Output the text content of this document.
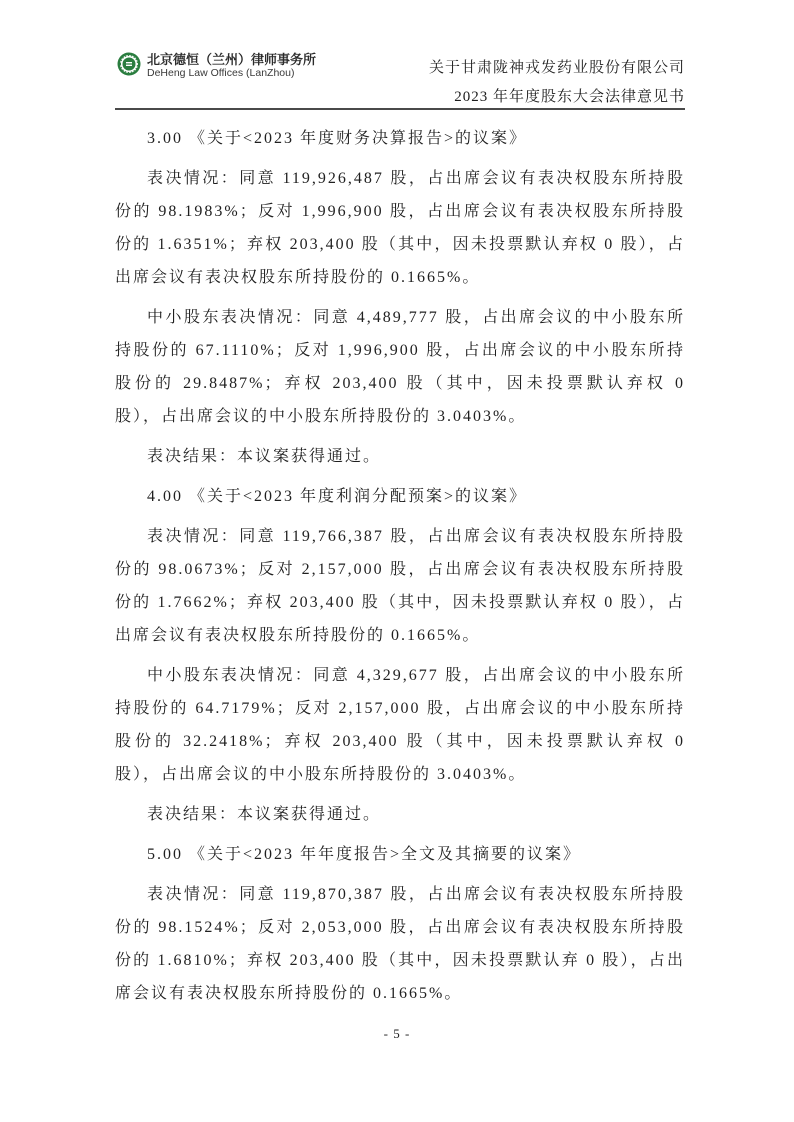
北京德恒（兰州）律师事务所
DeHeng Law Offices (LanZhou)	关于甘肃陇神戎发药业股份有限公司
2023 年年度股东大会法律意见书
3.00 《关于<2023 年度财务决算报告>的议案》
表决情况：同意 119,926,487 股，占出席会议有表决权股东所持股份的 98.1983%；反对 1,996,900 股，占出席会议有表决权股东所持股份的 1.6351%；弃权 203,400 股（其中，因未投票默认弃权 0 股），占出席会议有表决权股东所持股份的 0.1665%。
中小股东表决情况：同意 4,489,777 股，占出席会议的中小股东所持股份的 67.1110%；反对 1,996,900 股，占出席会议的中小股东所持股份的 29.8487%；弃权 203,400 股（其中，因未投票默认弃权 0 股），占出席会议的中小股东所持股份的 3.0403%。
表决结果：本议案获得通过。
4.00 《关于<2023 年度利润分配预案>的议案》
表决情况：同意 119,766,387 股，占出席会议有表决权股东所持股份的 98.0673%；反对 2,157,000 股，占出席会议有表决权股东所持股份的 1.7662%；弃权 203,400 股（其中，因未投票默认弃权 0 股），占出席会议有表决权股东所持股份的 0.1665%。
中小股东表决情况：同意 4,329,677 股，占出席会议的中小股东所持股份的 64.7179%；反对 2,157,000 股，占出席会议的中小股东所持股份的 32.2418%；弃权 203,400 股（其中，因未投票默认弃权 0 股），占出席会议的中小股东所持股份的 3.0403%。
表决结果：本议案获得通过。
5.00 《关于<2023 年年度报告>全文及其摘要的议案》
表决情况：同意 119,870,387 股，占出席会议有表决权股东所持股份的 98.1524%；反对 2,053,000 股，占出席会议有表决权股东所持股份的 1.6810%；弃权 203,400 股（其中，因未投票默认弃 0 股），占出席会议有表决权股东所持股份的 0.1665%。
- 5 -
